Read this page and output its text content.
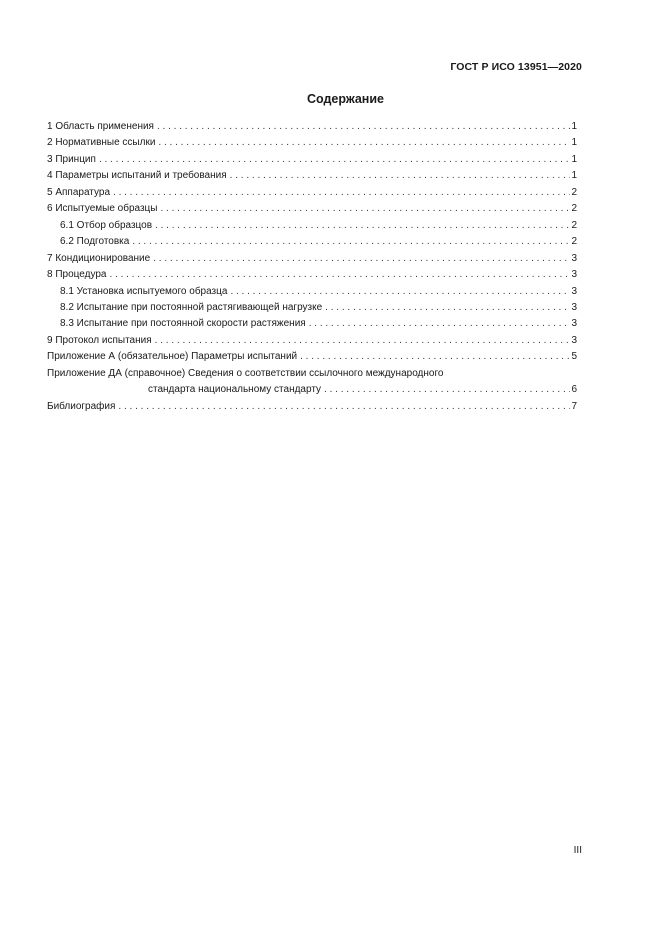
ГОСТ Р ИСО 13951—2020
Содержание
1 Область применения . . .	1
2 Нормативные ссылки . . .	1
3 Принцип . . .	1
4 Параметры испытаний и требования . . .	1
5 Аппаратура . . .	2
6 Испытуемые образцы . . .	2
6.1 Отбор образцов . . .	2
6.2 Подготовка . . .	2
7 Кондиционирование . . .	3
8 Процедура . . .	3
8.1 Установка испытуемого образца . . .	3
8.2 Испытание при постоянной растягивающей нагрузке . . .	3
8.3 Испытание при постоянной скорости растяжения . . .	3
9 Протокол испытания . . .	3
Приложение А (обязательное) Параметры испытаний . . .	5
Приложение ДА (справочное) Сведения о соответствии ссылочного международного
стандарта национальному стандарту . . .	6
Библиография . . .	7
III
